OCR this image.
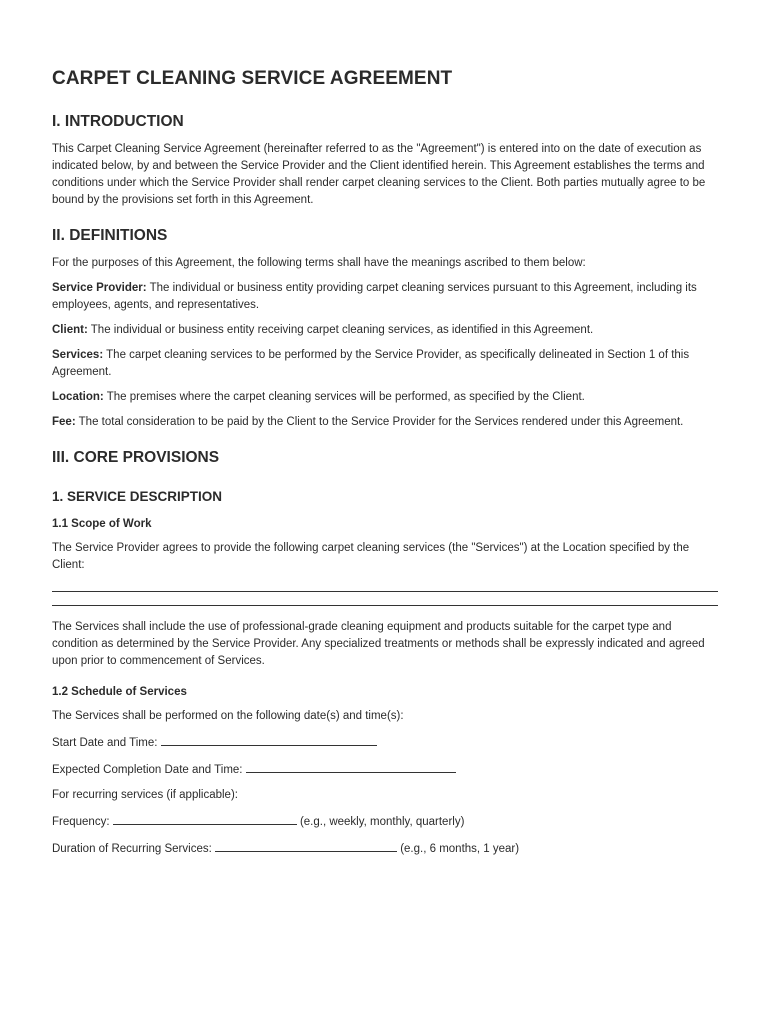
CARPET CLEANING SERVICE AGREEMENT
I. INTRODUCTION

This Carpet Cleaning Service Agreement (hereinafter referred to as the "Agreement") is entered into on the date of execution as indicated below, by and between the Service Provider and the Client identified herein. This Agreement establishes the terms and conditions under which the Service Provider shall render carpet cleaning services to the Client. Both parties mutually agree to be bound by the provisions set forth in this Agreement.

II. DEFINITIONS

For the purposes of this Agreement, the following terms shall have the meanings ascribed to them below:

Service Provider: The individual or business entity providing carpet cleaning services pursuant to this Agreement, including its employees, agents, and representatives.

Client: The individual or business entity receiving carpet cleaning services, as identified in this Agreement.

Services: The carpet cleaning services to be performed by the Service Provider, as specifically delineated in Section 1 of this Agreement.

Location: The premises where the carpet cleaning services will be performed, as specified by the Client.

Fee: The total consideration to be paid by the Client to the Service Provider for the Services rendered under this Agreement.

III. CORE PROVISIONS
1. SERVICE DESCRIPTION
1.1 Scope of Work

The Service Provider agrees to provide the following carpet cleaning services (the "Services") at the Location specified by the Client:

The Services shall include the use of professional-grade cleaning equipment and products suitable for the carpet type and condition as determined by the Service Provider. Any specialized treatments or methods shall be expressly indicated and agreed upon prior to commencement of Services.

1.2 Schedule of Services

The Services shall be performed on the following date(s) and time(s):

Start Date and Time:

Expected Completion Date and Time:

For recurring services (if applicable):

Frequency:	(e.g., weekly, monthly, quarterly)

Duration of Recurring Services:	(e.g., 6 months, 1 year)
